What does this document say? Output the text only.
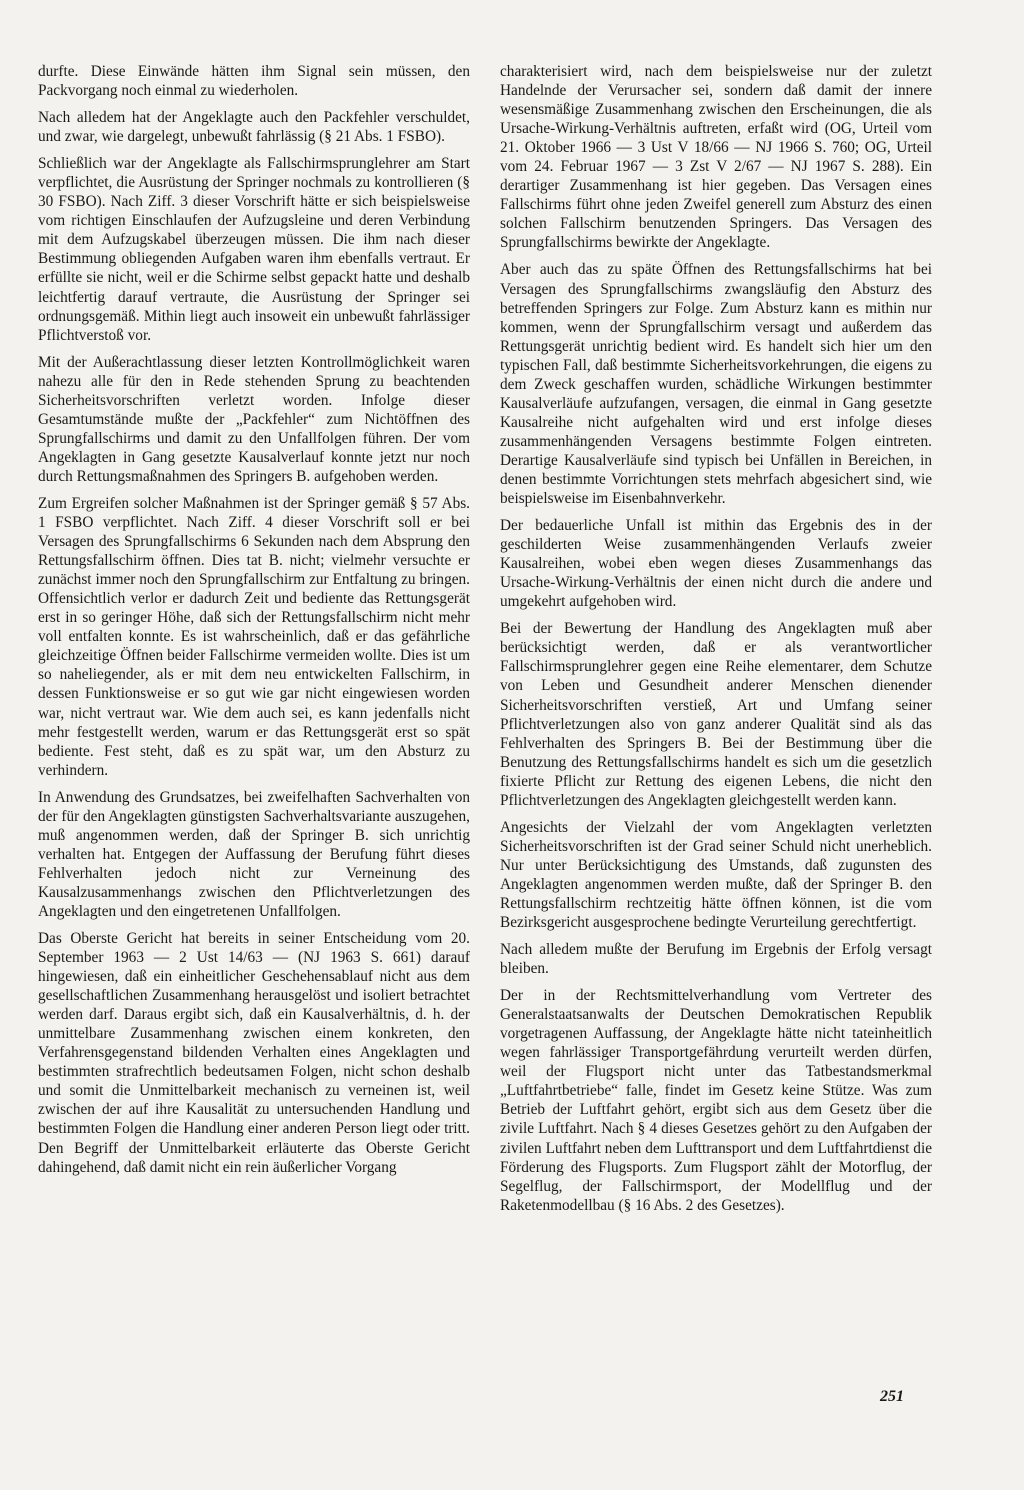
durfte. Diese Einwände hätten ihm Signal sein müssen, den Packvorgang noch einmal zu wiederholen.

Nach alledem hat der Angeklagte auch den Packfehler verschuldet, und zwar, wie dargelegt, unbewußt fahrlässig (§ 21 Abs. 1 FSBO).

Schließlich war der Angeklagte als Fallschirmsprunglehrer am Start verpflichtet, die Ausrüstung der Springer nochmals zu kontrollieren (§ 30 FSBO). Nach Ziff. 3 dieser Vorschrift hätte er sich beispielsweise vom richtigen Einschlaufen der Aufzugsleine und deren Verbindung mit dem Aufzugskabel überzeugen müssen. Die ihm nach dieser Bestimmung obliegenden Aufgaben waren ihm ebenfalls vertraut. Er erfüllte sie nicht, weil er die Schirme selbst gepackt hatte und deshalb leichtfertig darauf vertraute, die Ausrüstung der Springer sei ordnungsgemäß. Mithin liegt auch insoweit ein unbewußt fahrlässiger Pflichtverstoß vor.

Mit der Außerachtlassung dieser letzten Kontrollmöglichkeit waren nahezu alle für den in Rede stehenden Sprung zu beachtenden Sicherheitsvorschriften verletzt worden. Infolge dieser Gesamtumstände mußte der „Packfehler“ zum Nichtöffnen des Sprungfallschirms und damit zu den Unfallfolgen führen. Der vom Angeklagten in Gang gesetzte Kausalverlauf konnte jetzt nur noch durch Rettungsmaßnahmen des Springers B. aufgehoben werden.

Zum Ergreifen solcher Maßnahmen ist der Springer gemäß § 57 Abs. 1 FSBO verpflichtet. Nach Ziff. 4 dieser Vorschrift soll er bei Versagen des Sprungfallschirms 6 Sekunden nach dem Absprung den Rettungsfallschirm öffnen. Dies tat B. nicht; vielmehr versuchte er zunächst immer noch den Sprungfallschirm zur Entfaltung zu bringen. Offensichtlich verlor er dadurch Zeit und bediente das Rettungsgerät erst in so geringer Höhe, daß sich der Rettungsfallschirm nicht mehr voll entfalten konnte. Es ist wahrscheinlich, daß er das gefährliche gleichzeitige Öffnen beider Fallschirme vermeiden wollte. Dies ist um so naheliegender, als er mit dem neu entwickelten Fallschirm, in dessen Funktionsweise er so gut wie gar nicht eingewiesen worden war, nicht vertraut war. Wie dem auch sei, es kann jedenfalls nicht mehr festgestellt werden, warum er das Rettungsgerät erst so spät bediente. Fest steht, daß es zu spät war, um den Absturz zu verhindern.

In Anwendung des Grundsatzes, bei zweifelhaften Sachverhalten von der für den Angeklagten günstigsten Sachverhaltsvariante auszugehen, muß angenommen werden, daß der Springer B. sich unrichtig verhalten hat. Entgegen der Auffassung der Berufung führt dieses Fehlverhalten jedoch nicht zur Verneinung des Kausalzusammenhangs zwischen den Pflichtverletzungen des Angeklagten und den eingetretenen Unfallfolgen.

Das Oberste Gericht hat bereits in seiner Entscheidung vom 20. September 1963 — 2 Ust 14/63 — (NJ 1963 S. 661) darauf hingewiesen, daß ein einheitlicher Geschehensablauf nicht aus dem gesellschaftlichen Zusammenhang herausgelöst und isoliert betrachtet werden darf. Daraus ergibt sich, daß ein Kausalverhältnis, d. h. der unmittelbare Zusammenhang zwischen einem konkreten, den Verfahrensgegenstand bildenden Verhalten eines Angeklagten und bestimmten strafrechtlich bedeutsamen Folgen, nicht schon deshalb und somit die Unmittelbarkeit mechanisch zu verneinen ist, weil zwischen der auf ihre Kausalität zu untersuchenden Handlung und bestimmten Folgen die Handlung einer anderen Person liegt oder tritt. Den Begriff der Unmittelbarkeit erläuterte das Oberste Gericht dahingehend, daß damit nicht ein rein äußerlicher Vorgang

charakterisiert wird, nach dem beispielsweise nur der zuletzt Handelnde der Verursacher sei, sondern daß damit der innere wesensmäßige Zusammenhang zwischen den Erscheinungen, die als Ursache-Wirkung-Verhältnis auftreten, erfaßt wird (OG, Urteil vom 21. Oktober 1966 — 3 Ust V 18/66 — NJ 1966 S. 760; OG, Urteil vom 24. Februar 1967 — 3 Zst V 2/67 — NJ 1967 S. 288). Ein derartiger Zusammenhang ist hier gegeben. Das Versagen eines Fallschirms führt ohne jeden Zweifel generell zum Absturz des einen solchen Fallschirm benutzenden Springers. Das Versagen des Sprungfallschirms bewirkte der Angeklagte.

Aber auch das zu späte Öffnen des Rettungsfallschirms hat bei Versagen des Sprungfallschirms zwangsläufig den Absturz des betreffenden Springers zur Folge. Zum Absturz kann es mithin nur kommen, wenn der Sprungfallschirm versagt und außerdem das Rettungsgerät unrichtig bedient wird. Es handelt sich hier um den typischen Fall, daß bestimmte Sicherheitsvorkehrungen, die eigens zu dem Zweck geschaffen wurden, schädliche Wirkungen bestimmter Kausalverläufe aufzufangen, versagen, die einmal in Gang gesetzte Kausalreihe nicht aufgehalten wird und erst infolge dieses zusammenhängenden Versagens bestimmte Folgen eintreten. Derartige Kausalverläufe sind typisch bei Unfällen in Bereichen, in denen bestimmte Vorrichtungen stets mehrfach abgesichert sind, wie beispielsweise im Eisenbahnverkehr.

Der bedauerliche Unfall ist mithin das Ergebnis des in der geschilderten Weise zusammenhängenden Verlaufs zweier Kausalreihen, wobei eben wegen dieses Zusammenhangs das Ursache-Wirkung-Verhältnis der einen nicht durch die andere und umgekehrt aufgehoben wird.

Bei der Bewertung der Handlung des Angeklagten muß aber berücksichtigt werden, daß er als verantwortlicher Fallschirmsprunglehrer gegen eine Reihe elementarer, dem Schutze von Leben und Gesundheit anderer Menschen dienender Sicherheitsvorschriften verstieß, Art und Umfang seiner Pflichtverletzungen also von ganz anderer Qualität sind als das Fehlverhalten des Springers B. Bei der Bestimmung über die Benutzung des Rettungsfallschirms handelt es sich um die gesetzlich fixierte Pflicht zur Rettung des eigenen Lebens, die nicht den Pflichtverletzungen des Angeklagten gleichgestellt werden kann.

Angesichts der Vielzahl der vom Angeklagten verletzten Sicherheitsvorschriften ist der Grad seiner Schuld nicht unerheblich. Nur unter Berücksichtigung des Umstands, daß zugunsten des Angeklagten angenommen werden mußte, daß der Springer B. den Rettungsfallschirm rechtzeitig hätte öffnen können, ist die vom Bezirksgericht ausgesprochene bedingte Verurteilung gerechtfertigt.

Nach alledem mußte der Berufung im Ergebnis der Erfolg versagt bleiben.

Der in der Rechtsmittelverhandlung vom Vertreter des Generalstaatsanwalts der Deutschen Demokratischen Republik vorgetragenen Auffassung, der Angeklagte hätte nicht tateinheitlich wegen fahrlässiger Transportgefährdung verurteilt werden dürfen, weil der Flugsport nicht unter das Tatbestandsmerkmal „Luftfahrtbetriebe“ falle, findet im Gesetz keine Stütze. Was zum Betrieb der Luftfahrt gehört, ergibt sich aus dem Gesetz über die zivile Luftfahrt. Nach § 4 dieses Gesetzes gehört zu den Aufgaben der zivilen Luftfahrt neben dem Lufttransport und dem Luftfahrtdienst die Förderung des Flugsports. Zum Flugsport zählt der Motorflug, der Segelflug, der Fallschirmsport, der Modellflug und der Raketenmodellbau (§ 16 Abs. 2 des Gesetzes).

251
